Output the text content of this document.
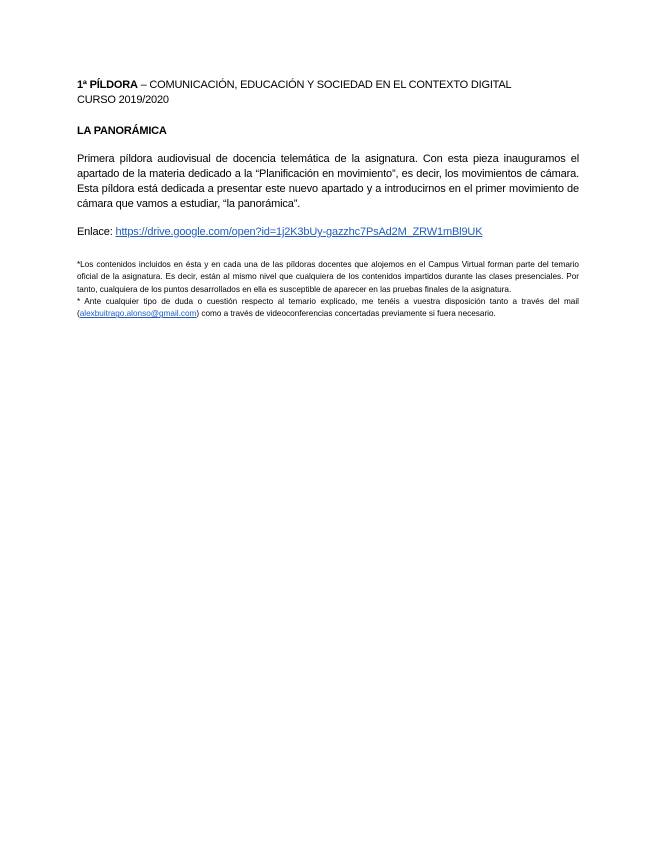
1ª PÍLDORA – COMUNICACIÓN, EDUCACIÓN Y SOCIEDAD EN EL CONTEXTO DIGITAL
CURSO 2019/2020
LA PANORÁMICA
Primera píldora audiovisual de docencia telemática de la asignatura. Con esta pieza inauguramos el apartado de la materia dedicado a la “Planificación en movimiento”, es decir, los movimientos de cámara. Esta píldora está dedicada a presentar este nuevo apartado y a introducirnos en el primer movimiento de cámara que vamos a estudiar, “la panorámica”.
Enlace: https://drive.google.com/open?id=1j2K3bUy-gazzhc7PsAd2M_ZRW1mBl9UK

*Los contenidos incluidos en ésta y en cada una de las píldoras docentes que alojemos en el Campus Virtual forman parte del temario oficial de la asignatura. Es decir, están al mismo nivel que cualquiera de los contenidos impartidos durante las clases presenciales. Por tanto, cualquiera de los puntos desarrollados en ella es susceptible de aparecer en las pruebas finales de la asignatura.

* Ante cualquier tipo de duda o cuestión respecto al temario explicado, me tenéis a vuestra disposición tanto a través del mail (alexbuitrago.alonso@gmail.com) como a través de videoconferencias concertadas previamente si fuera necesario.
